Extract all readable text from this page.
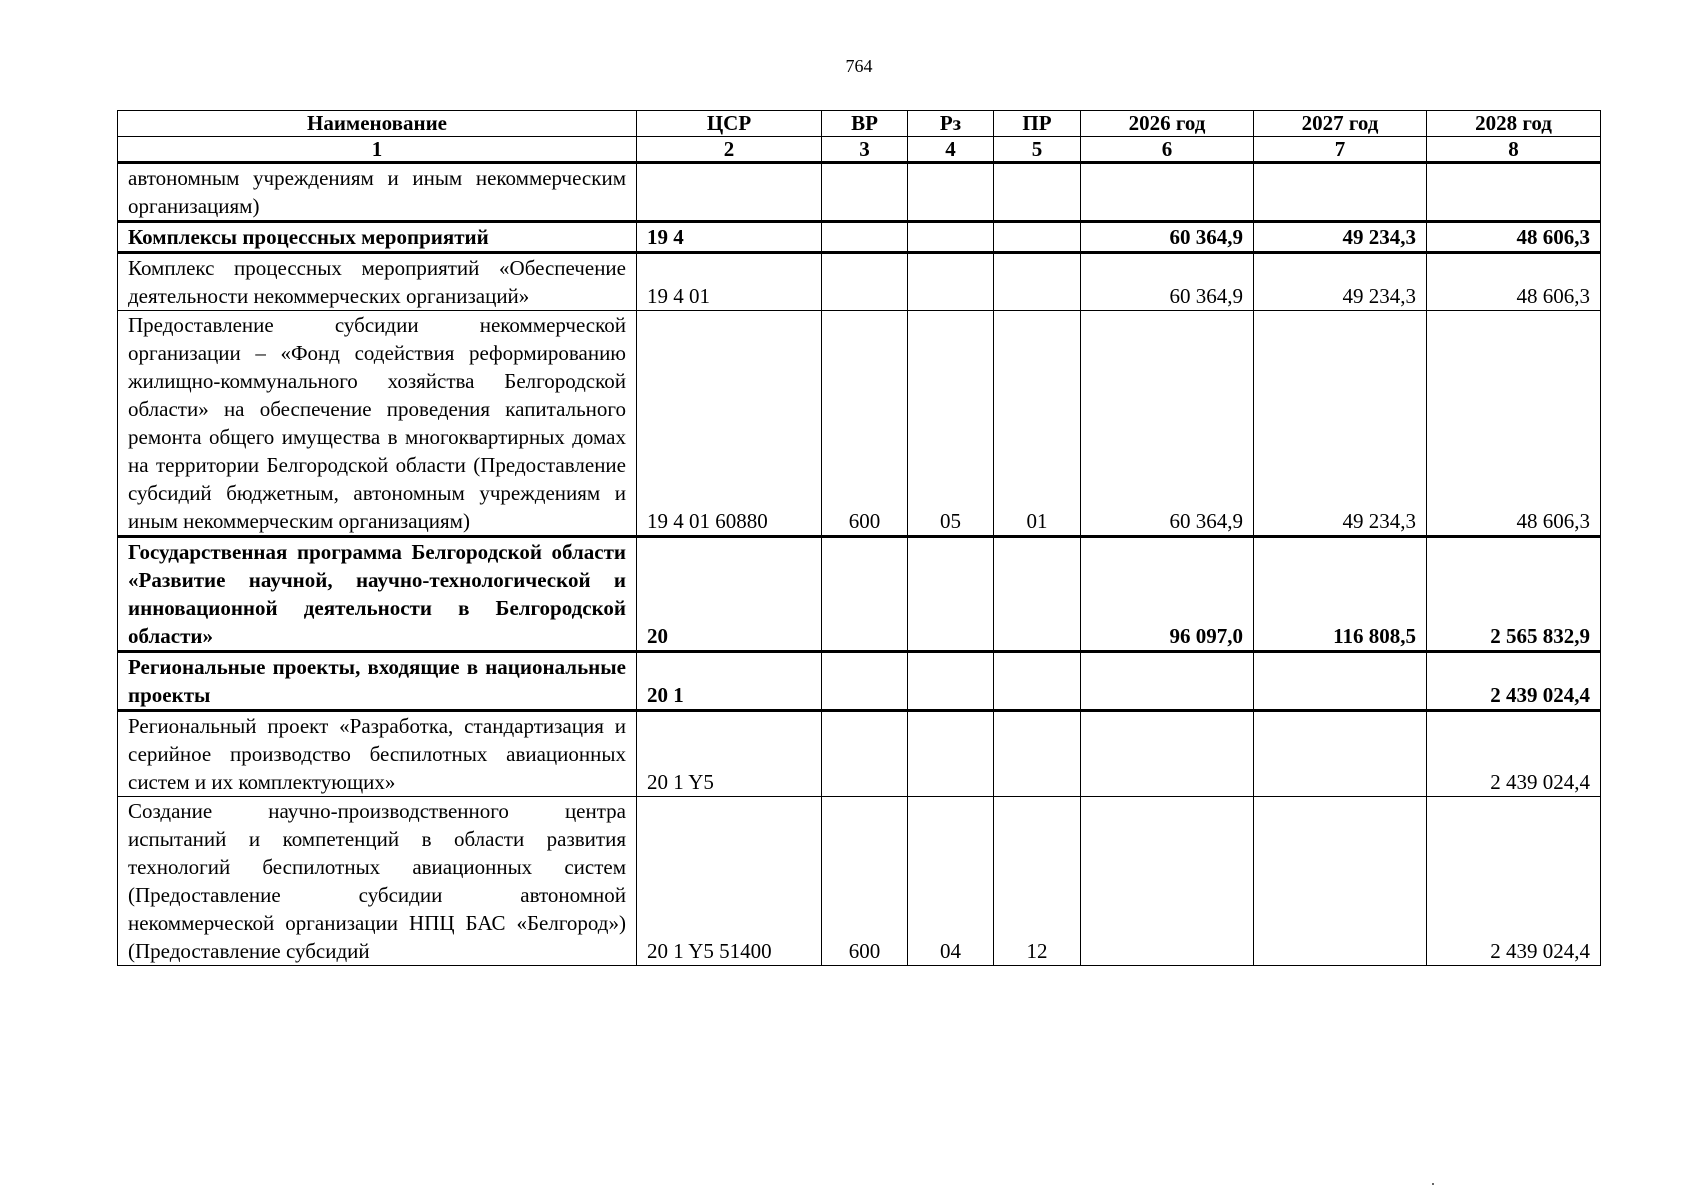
764
Наименование	ЦСР	ВР	Рз	ПР	2026 год	2027 год	2028 год
1	2	3	4	5	6	7	8
автономным учреждениям и иным некоммерческим организациям)							
Комплексы процессных мероприятий	19 4				60 364,9	49 234,3	48 606,3
Комплекс процессных мероприятий «Обеспечение деятельности некоммерческих организаций»	19 4 01				60 364,9	49 234,3	48 606,3
Предоставление субсидии некоммерческой организации – «Фонд содействия реформированию жилищно-коммунального хозяйства Белгородской области» на обеспечение проведения капитального ремонта общего имущества в многоквартирных домах на территории Белгородской области (Предоставление субсидий бюджетным, автономным учреждениям и иным некоммерческим организациям)	19 4 01 60880	600	05	01	60 364,9	49 234,3	48 606,3
Государственная программа Белгородской области «Развитие научной, научно-технологической и инновационной деятельности в Белгородской области»	20				96 097,0	116 808,5	2 565 832,9
Региональные проекты, входящие в национальные проекты	20 1						2 439 024,4
Региональный проект «Разработка, стандартизация и серийное производство беспилотных авиационных систем и их комплектующих»	20 1 Y5						2 439 024,4
Создание научно-производственного центра испытаний и компетенций в области развития технологий беспилотных авиационных систем (Предоставление субсидии автономной некоммерческой организации НПЦ БАС «Белгород») (Предоставление субсидий	20 1 Y5 51400	600	04	12			2 439 024,4
